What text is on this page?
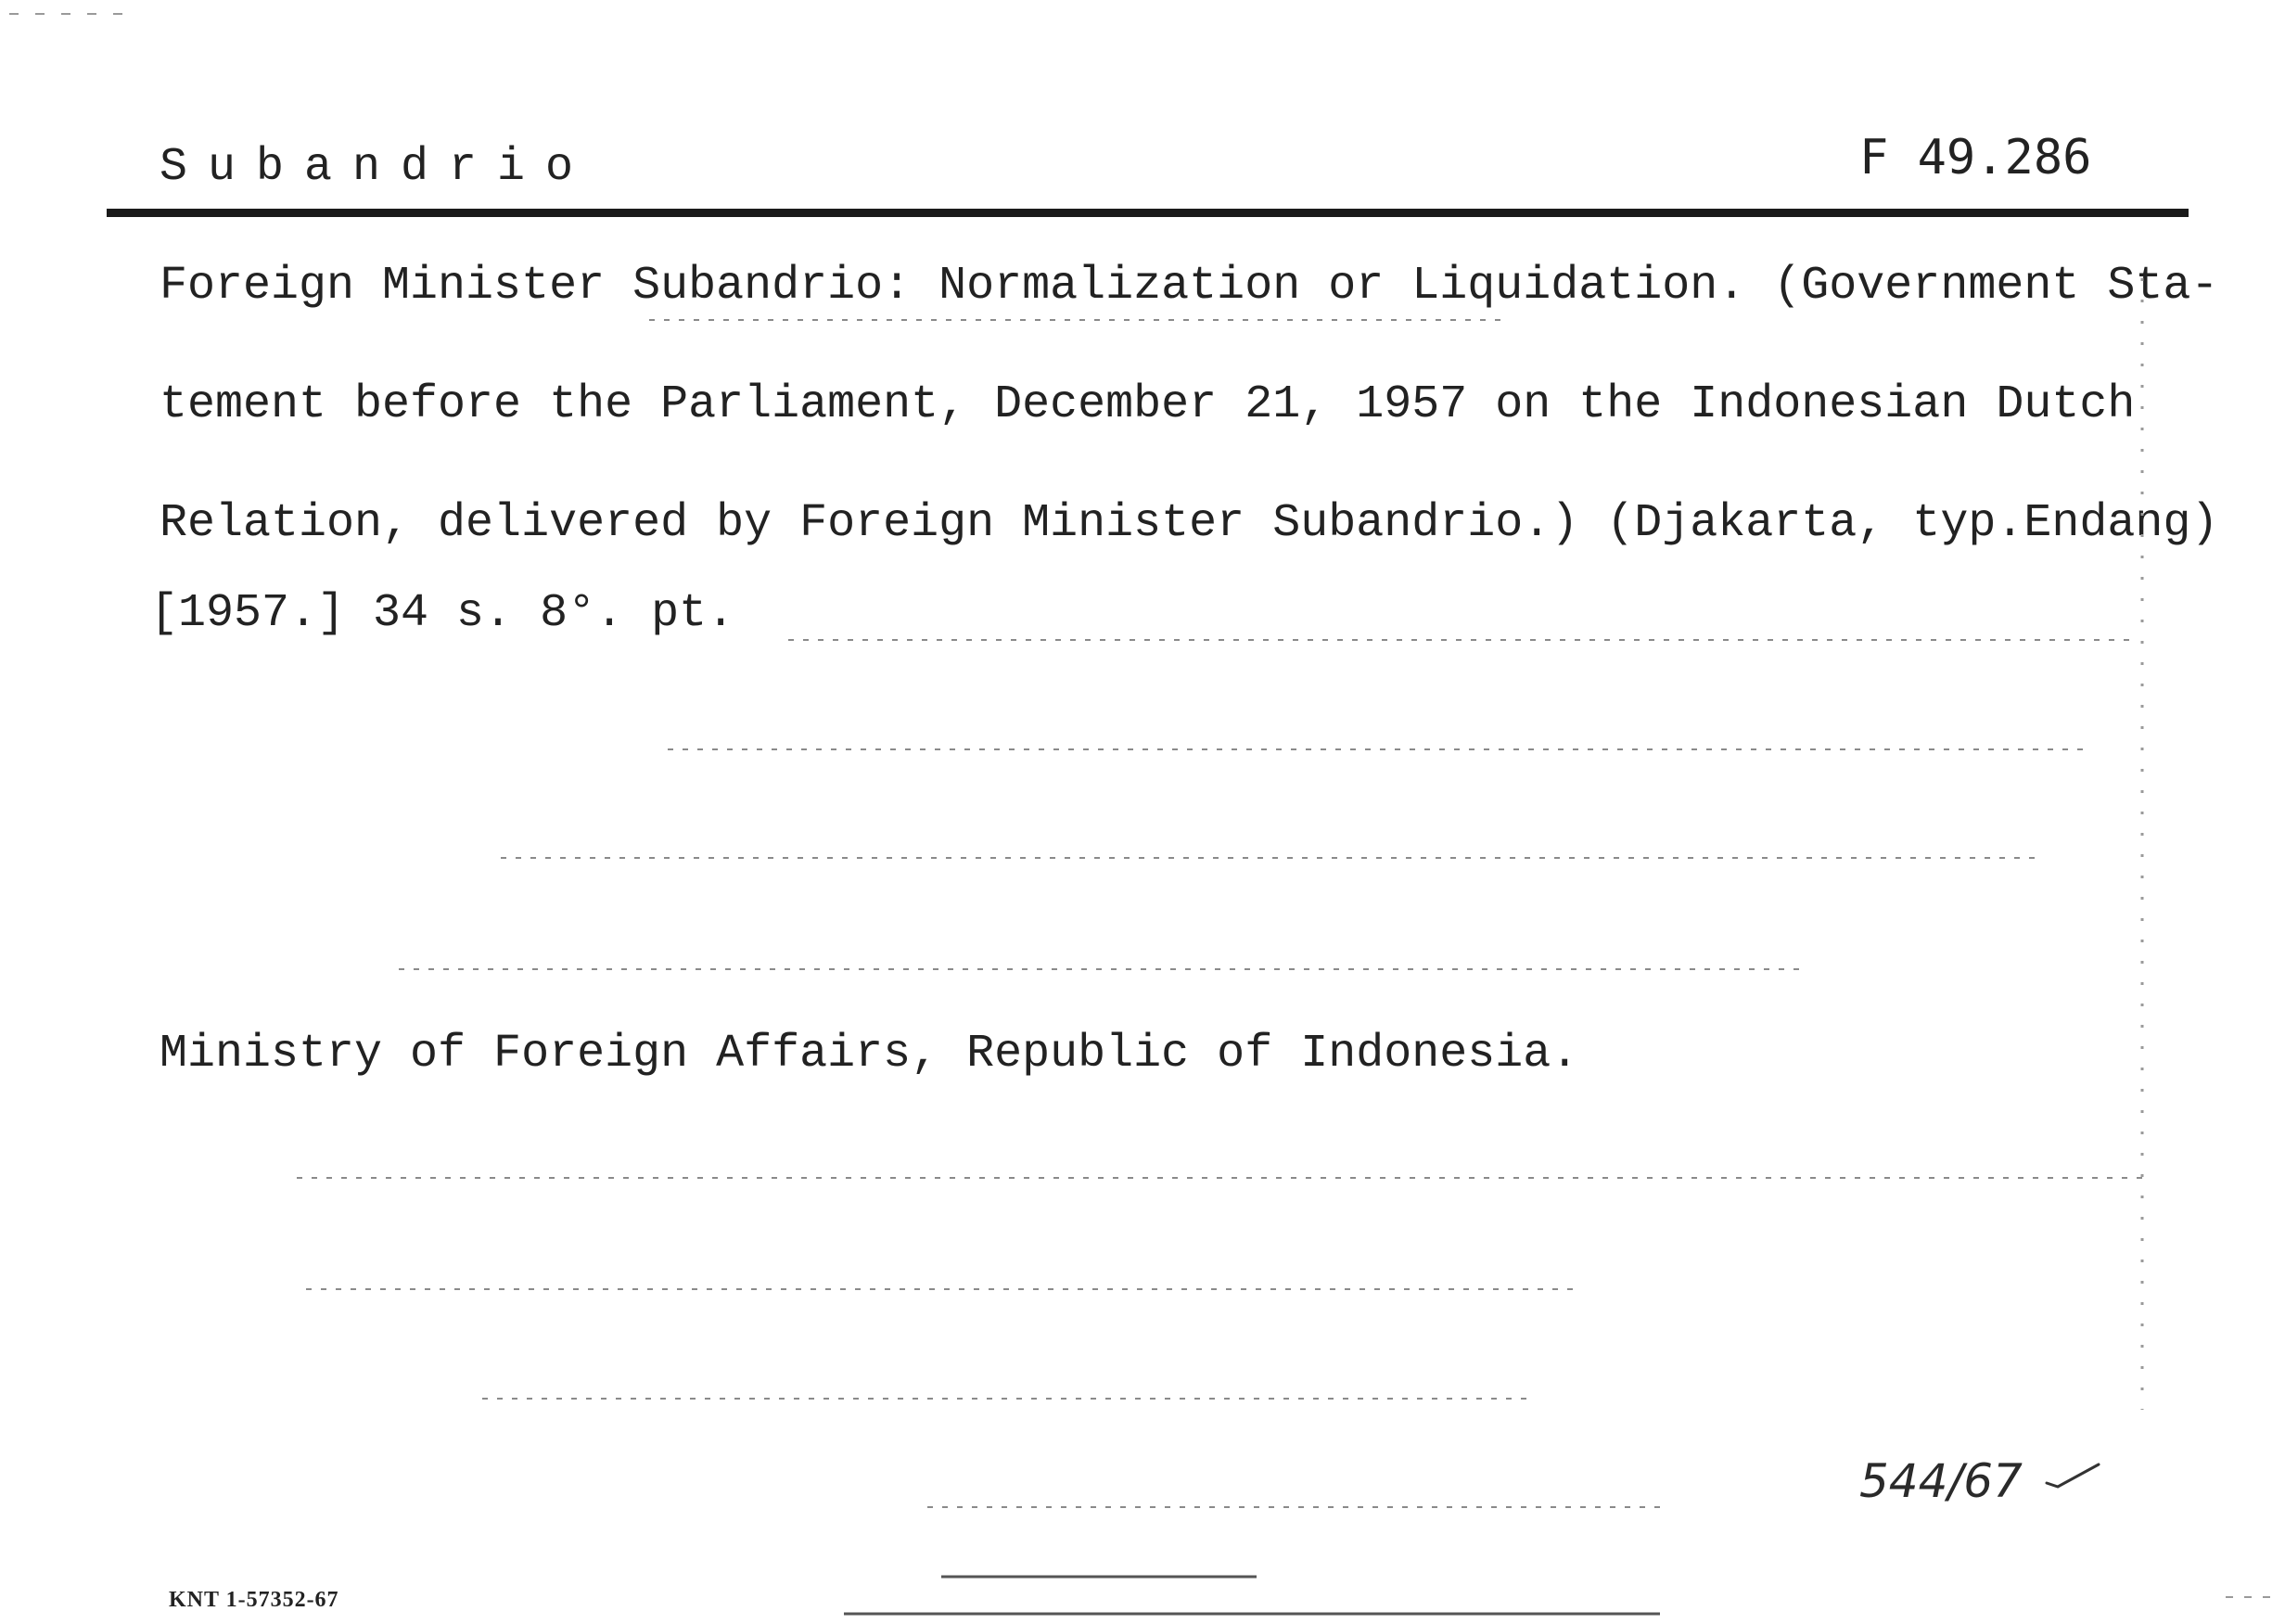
Subandrio	F 49.286
Foreign Minister Subandrio: Normalization or Liquidation. (Government Sta-
tement before the Parliament, December 21, 1957 on the Indonesian Dutch
Relation, delivered by Foreign Minister Subandrio.) (Djakarta, typ.Endang)
[1957.] 34 s. 8°. pt.
Ministry of Foreign Affairs, Republic of Indonesia.
544/67
KNT 1-57352-67
